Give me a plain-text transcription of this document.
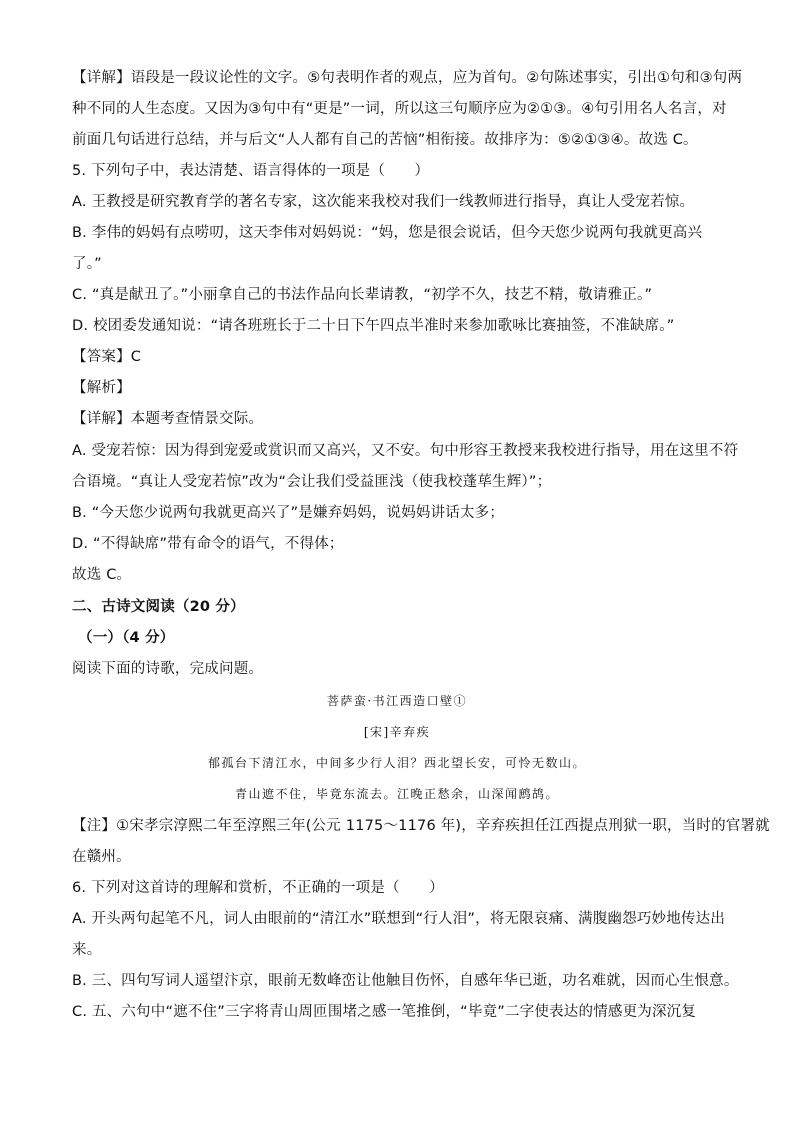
【详解】语段是一段议论性的文字。⑤句表明作者的观点，应为首句。②句陈述事实，引出①句和③句两
种不同的人生态度。又因为③句中有“更是”一词，所以这三句顺序应为②①③。④句引用名人名言，对
前面几句话进行总结，并与后文“人人都有自己的苦恼”相衔接。故排序为：⑤②①③④。故选 C。
5. 下列句子中，表达清楚、语言得体的一项是（　　）
A. 王教授是研究教育学的著名专家，这次能来我校对我们一线教师进行指导，真让人受宠若惊。
B. 李伟的妈妈有点唠叨，这天李伟对妈妈说：“妈，您是很会说话，但今天您少说两句我就更高兴
了。”
C. “真是献丑了。”小丽拿自己的书法作品向长辈请教，“初学不久，技艺不精，敬请雅正。”
D. 校团委发通知说：“请各班班长于二十日下午四点半准时来参加歌咏比赛抽签，不准缺席。”
【答案】C
【解析】
【详解】本题考查情景交际。
A. 受宠若惊：因为得到宠爱或赏识而又高兴，又不安。句中形容王教授来我校进行指导，用在这里不符
合语境。“真让人受宠若惊”改为“会让我们受益匪浅（使我校蓬荜生辉）”；
B. “今天您少说两句我就更高兴了”是嫌弃妈妈，说妈妈讲话太多；
D. “不得缺席”带有命令的语气，不得体；
故选 C。
二、古诗文阅读（20 分）
（一）（4 分）
阅读下面的诗歌，完成问题。
菩萨蛮·书江西造口壁①
[宋]辛弃疾
郁孤台下清江水，中间多少行人泪？西北望长安，可怜无数山。
青山遮不住，毕竟东流去。江晚正愁余，山深闻鹧鸪。
【注】①宋孝宗淳熙二年至淳熙三年(公元 1175～1176 年)，辛弃疾担任江西提点刑狱一职，当时的官署就
在赣州。
6. 下列对这首诗的理解和赏析，不正确的一项是（　　）
A. 开头两句起笔不凡，词人由眼前的“清江水”联想到“行人泪”，将无限哀痛、满腹幽怨巧妙地传达出
来。
B. 三、四句写词人遥望汴京，眼前无数峰峦让他触目伤怀，自感年华已逝，功名难就，因而心生恨意。
C. 五、六句中“遮不住”三字将青山周匝围堵之感一笔推倒，“毕竟”二字使表达的情感更为深沉复
